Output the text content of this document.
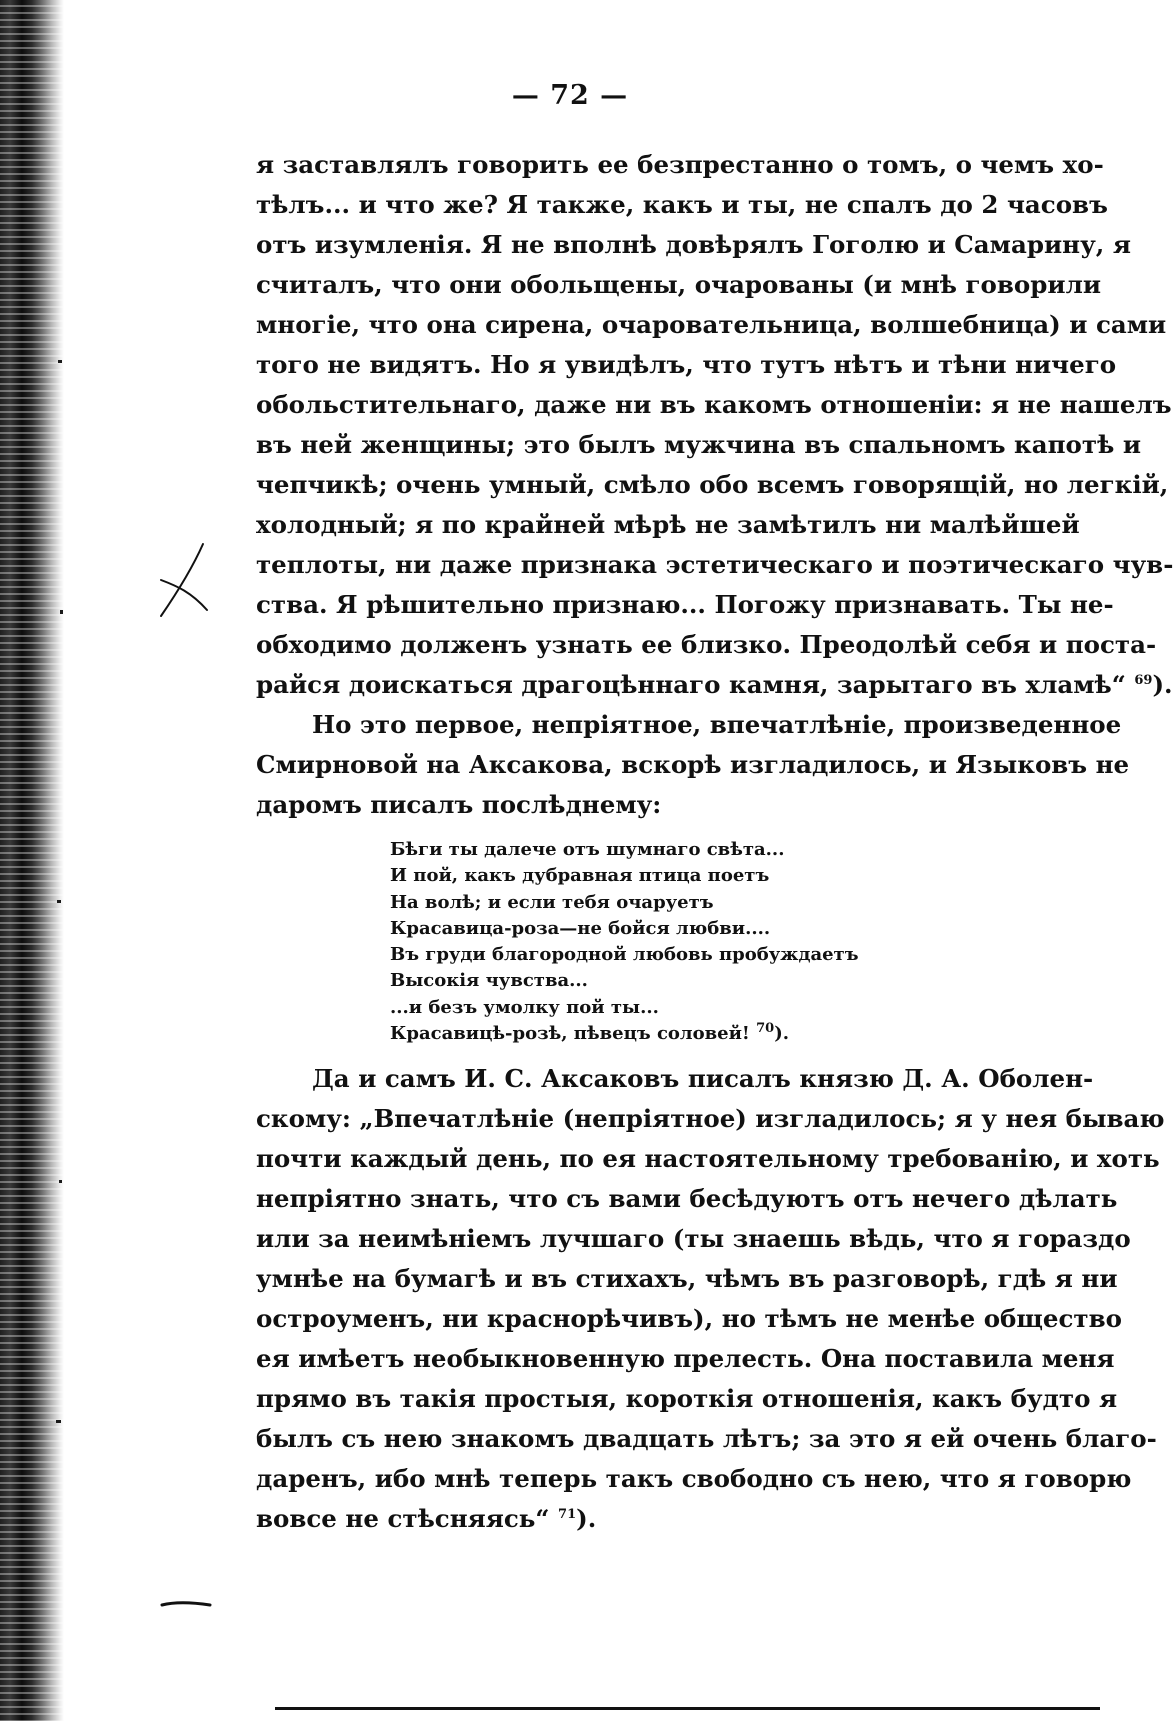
— 72 —
я заставлялъ говорить ее безпрестанно о томъ, о чемъ хо-
тѣлъ... и что же? Я также, какъ и ты, не спалъ до 2 часовъ
отъ изумленія. Я не вполнѣ довѣрялъ Гоголю и Самарину, я
считалъ, что они обольщены, очарованы (и мнѣ говорили
многіе, что она сирена, очаровательница, волшебница) и сами
того не видятъ. Но я увидѣлъ, что тутъ нѣтъ и тѣни ничего
обольстительнаго, даже ни въ какомъ отношеніи: я не нашелъ
въ ней женщины; это былъ мужчина въ спальномъ капотѣ и
чепчикѣ; очень умный, смѣло обо всемъ говорящій, но легкій,
холодный; я по крайней мѣрѣ не замѣтилъ ни малѣйшей
теплоты, ни даже признака эстетическаго и поэтическаго чув-
ства. Я рѣшительно признаю... Погожу признавать. Ты не-
обходимо долженъ узнать ее близко. Преодолѣй себя и поста-
райся доискаться драгоцѣннаго камня, зарытаго въ хламѣ“ $^{69}$).
Но это первое, непріятное, впечатлѣніе, произведенное
Смирновой на Аксакова, вскорѣ изгладилось, и Языковъ не
даромъ писалъ послѣднему:
Бѣги ты далече отъ шумнаго свѣта...
И пой, какъ дубравная птица поетъ
На волѣ; и если тебя очаруетъ
Красавица-роза—не бойся любви....
Въ груди благородной любовь пробуждаетъ
Высокія чувства...
...и безъ умолку пой ты...
Красавицѣ-розѣ, пѣвецъ соловей! $^{70}$).
Да и самъ И. С. Аксаковъ писалъ князю Д. А. Оболен-
скому: „Впечатлѣніе (непріятное) изгладилось; я у нея бываю
почти каждый день, по ея настоятельному требованію, и хоть
непріятно знать, что съ вами бесѣдуютъ отъ нечего дѣлать
или за неимѣніемъ лучшаго (ты знаешь вѣдь, что я гораздо
умнѣе на бумагѣ и въ стихахъ, чѣмъ въ разговорѣ, гдѣ я ни
остроуменъ, ни краснорѣчивъ), но тѣмъ не менѣе общество
ея имѣетъ необыкновенную прелесть. Она поставила меня
прямо въ такія простыя, короткія отношенія, какъ будто я
былъ съ нею знакомъ двадцать лѣтъ; за это я ей очень благо-
даренъ, ибо мнѣ теперь такъ свободно съ нею, что я говорю
вовсе не стѣсняясь“ $^{71}$).
